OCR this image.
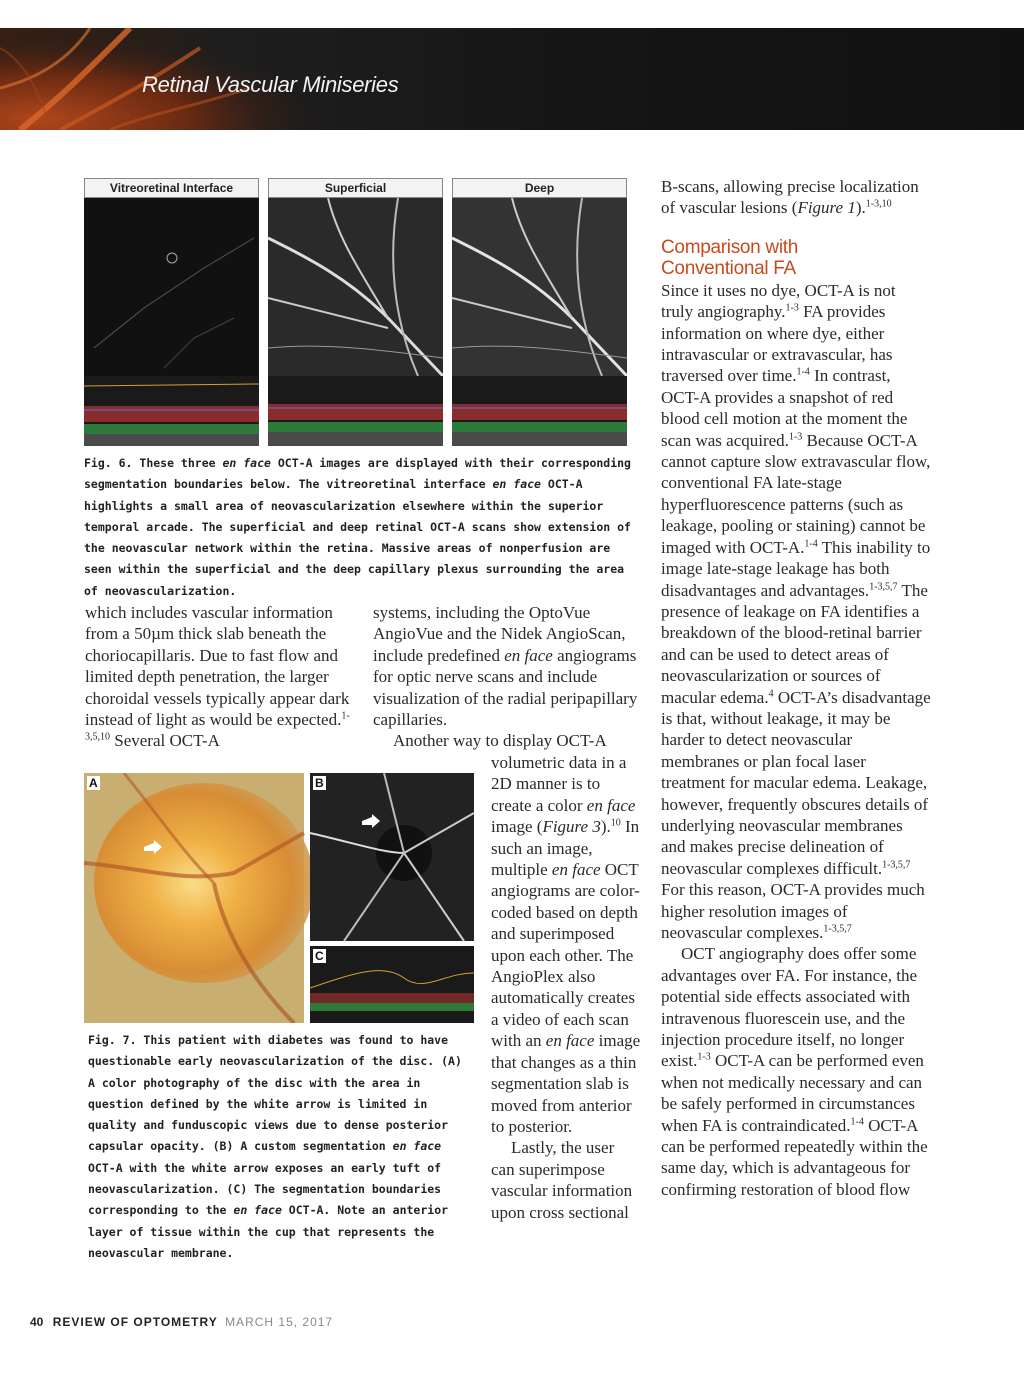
Retinal Vascular Miniseries
Vitreoretinal Interface	Superficial	Deep
Fig. 6. These three en face OCT-A images are displayed with their corresponding segmentation boundaries below. The vitreoretinal interface en face OCT-A highlights a small area of neovascularization elsewhere within the superior temporal arcade. The superficial and deep retinal OCT-A scans show extension of the neovascular network within the retina. Massive areas of nonperfusion are seen within the superficial and the deep capillary plexus surrounding the area of neovascularization.

which includes vascular information from a 50µm thick slab beneath the choriocapillaris. Due to fast flow and limited depth penetration, the larger choroidal vessels typically appear dark instead of light as would be expected.$^{1-3,5,10}$ Several OCT-A

systems, including the OptoVue AngioVue and the Nidek AngioScan, include predefined en face angiograms for optic nerve scans and include visualization of the radial peripapillary capillaries.

Another way to display OCT-A

A	B
C
Fig. 7. This patient with diabetes was found to have questionable early neovascularization of the disc. (A) A color photography of the disc with the area in question defined by the white arrow is limited in quality and funduscopic views due to dense posterior capsular opacity. (B) A custom segmentation en face OCT-A with the white arrow exposes an early tuft of neovascularization. (C) The segmentation boundaries corresponding to the en face OCT-A. Note an anterior layer of tissue within the cup that represents the neovascular membrane.

volumetric data in a 2D manner is to create a color en face image (Figure 3).$^{10}$ In such an image, multiple en face OCT angiograms are color-coded based on depth and superimposed upon each other. The AngioPlex also automatically creates a video of each scan with an en face image that changes as a thin segmentation slab is moved from anterior to posterior.

Lastly, the user can superimpose vascular information upon cross sectional

B-scans, allowing precise localization of vascular lesions (Figure 1).$^{1-3,10}$

Comparison with
Conventional FA

Since it uses no dye, OCT-A is not truly angiography.$^{1-3}$ FA provides information on where dye, either intravascular or extravascular, has traversed over time.$^{1-4}$ In contrast, OCT-A provides a snapshot of red blood cell motion at the moment the scan was acquired.$^{1-3}$ Because OCT-A cannot capture slow extravascular flow, conventional FA late-stage hyperfluorescence patterns (such as leakage, pooling or staining) cannot be imaged with OCT-A.$^{1-4}$ This inability to image late-stage leakage has both disadvantages and advantages.$^{1-3,5,7}$ The presence of leakage on FA identifies a breakdown of the blood-retinal barrier and can be used to detect areas of neovascularization or sources of macular edema.$^4$ OCT-A’s disadvantage is that, without leakage, it may be harder to detect neovascular membranes or plan focal laser treatment for macular edema. Leakage, however, frequently obscures details of underlying neovascular membranes and makes precise delineation of neovascular complexes difficult.$^{1-3,5,7}$ For this reason, OCT-A provides much higher resolution images of neovascular complexes.$^{1-3,5,7}$

OCT angiography does offer some advantages over FA. For instance, the potential side effects associated with intravenous fluorescein use, and the injection procedure itself, no longer exist.$^{1-3}$ OCT-A can be performed even when not medically necessary and can be safely performed in circumstances when FA is contraindicated.$^{1-4}$ OCT-A can be performed repeatedly within the same day, which is advantageous for confirming restoration of blood flow

40 REVIEW OF OPTOMETRY MARCH 15, 2017
